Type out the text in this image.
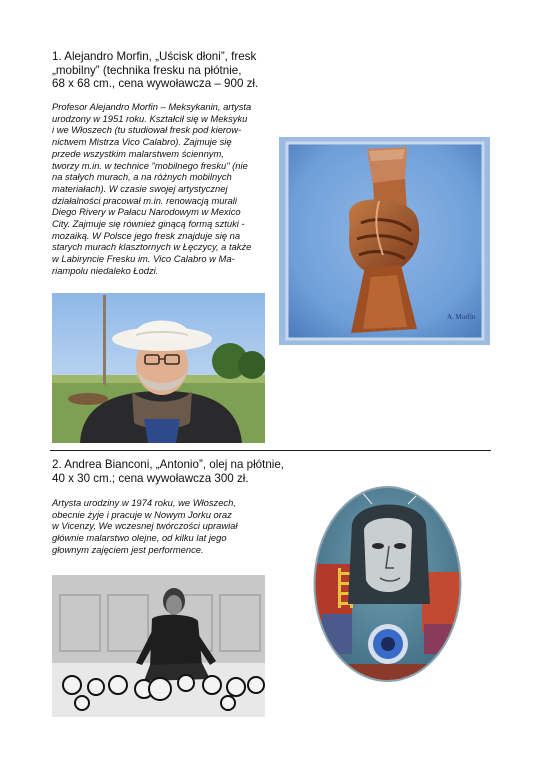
1. Alejandro Morfin, „Uścisk dłoni”, fresk
„mobilny” (technika fresku na płótnie,
68 x 68 cm., cena wywoławcza – 900 zł.

Profesor Alejandro Morfin – Meksykanin, artysta
urodzony w 1951 roku. Kształcił się w Meksyku
i we Włoszech (tu studiował fresk pod kierow-
nictwem Mistrza Vico Calabro). Zajmuje się
przede wszystkim malarstwem ściennym,
tworzy m.in. w technice "mobilnego fresku" (nie
na stałych murach, a na różnych mobilnych
materiałach). W czasie swojej artystycznej
działalności pracował m.in. renowacją murali
Diego Rivery w Pałacu Narodowym w Mexico
City. Zajmuje się również ginącą formą sztuki -
mozaiką. W Polsce jego fresk znajduje się na
starych murach klasztornych w Łęczycy, a także
w Labiryncie Fresku im. Vico Calabro w Ma-
riampolu niedaleko Łodzi.

A. Morfin
2. Andrea Bianconi, „Antonio”, olej na płótnie,
40 x 30 cm.; cena wywoławcza 300 zł.

Artysta urodziny w 1974 roku, we Włoszech,
obecnie żyje i pracuje w Nowym Jorku oraz
w Vicenzy, We wczesnej twórczości uprawiał
głównie malarstwo olejne, od kilku lat jego
głownym zajęciem jest performence.
